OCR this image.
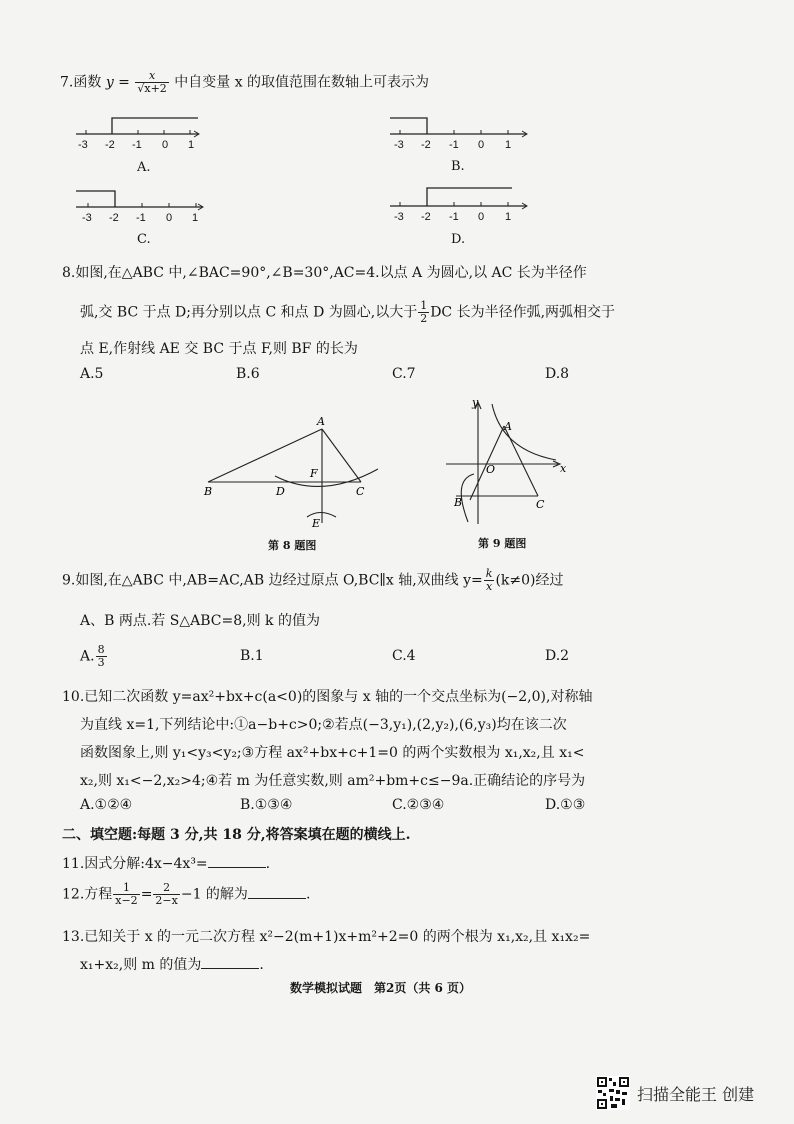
7.函数 $y = \frac{x}{√x+2}$ 中自变量 x 的取值范围在数轴上可表示为
-3 -2 -1 0 1	-3 -2 -1 0 1
-3 -2 -1 0 1	-3 -2 -1 0 1
A.	B.
C.	D.
8.如图,在△ABC 中,∠BAC=90°,∠B=30°,AC=4.以点 A 为圆心,以 AC 长为半径作
弧,交 BC 于点 D;再分别以点 C 和点 D 为圆心,以大于 $\frac{1}{2}$ DC 长为半径作弧,两弧相交于
点 E,作射线 AE 交 BC 于点 F,则 BF 的长为
A.5	B.6	C.7	D.8
A
B	C
D
F
E
第 8 题图
y
x
A
O
B	C
第 9 题图
9.如图,在△ABC 中,AB=AC,AB 边经过原点 O,BC∥x 轴,双曲线 $y= \frac{k}{x} (k\ne 0)$经过
A、B 两点.若 S△ABC=8,则 k 的值为
A. $\frac{8}{3}$	B.1	C.4	D.2
10.已知二次函数 y=ax²+bx+c(a<0)的图象与 x 轴的一个交点坐标为(−2,0),对称轴
为直线 x=1,下列结论中:①a−b+c>0;②若点(−3,y₁),(2,y₂),(6,y₃)均在该二次
函数图象上,则 y₁<y₃<y₂;③方程 ax²+bx+c+1=0 的两个实数根为 x₁,x₂,且 x₁<
x₂,则 x₁<−2,x₂>4;④若 m 为任意实数,则 am²+bm+c≤−9a.正确结论的序号为
A.①②④	B.①③④	C.②③④	D.①③
二、填空题:每题 3 分,共 18 分,将答案填在题的横线上.
11.因式分解:4x−4x³=	.
12.方程 $\frac{1}{x-2} = \frac{2}{2-x} -1$ 的解为	.
13.已知关于 x 的一元二次方程 x²−2(m+1)x+m²+2=0 的两个根为 x₁,x₂,且 x₁x₂=
x₁+x₂,则 m 的值为	.
数学模拟试题　第2页（共 6 页）
扫描全能王 创建
